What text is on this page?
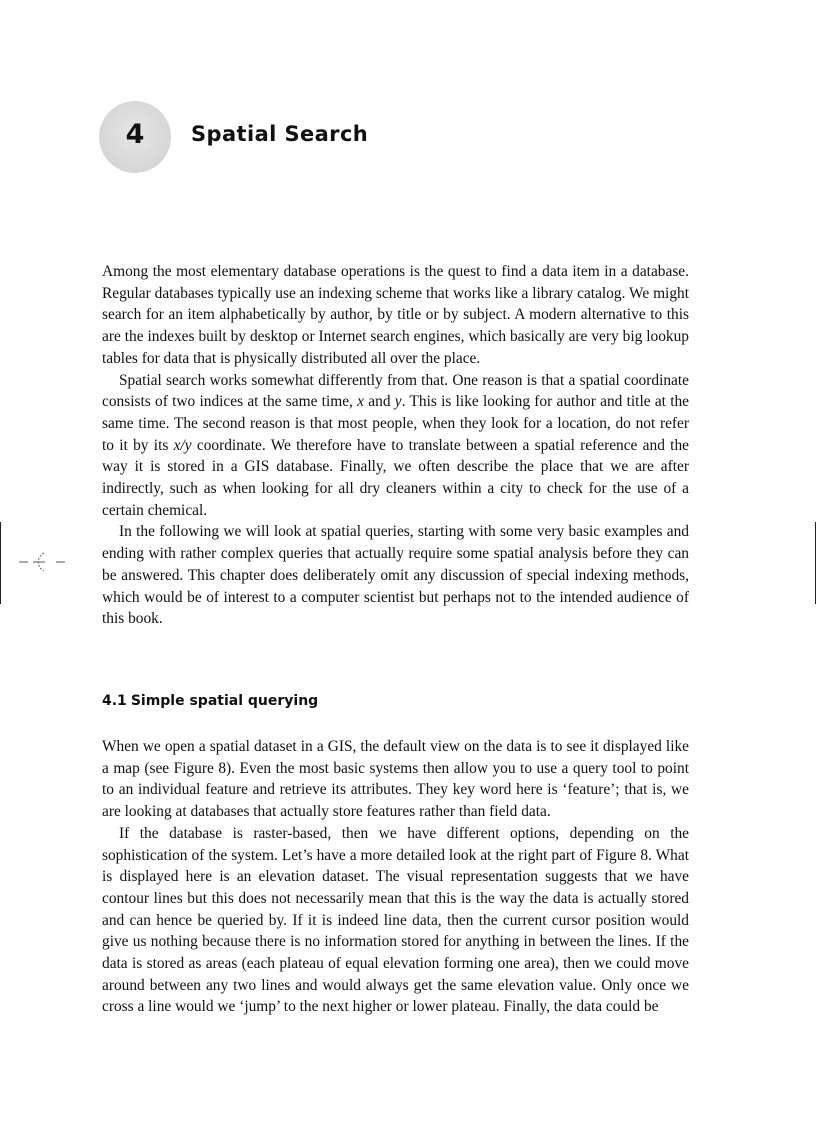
4	Spatial Search

Among the most elementary database operations is the quest to find a data item in a database. Regular databases typically use an indexing scheme that works like a library catalog. We might search for an item alphabetically by author, by title or by subject. A modern alternative to this are the indexes built by desktop or Internet search engines, which basically are very big lookup tables for data that is physically distributed all over the place.

Spatial search works somewhat differently from that. One reason is that a spatial coordinate consists of two indices at the same time, x and y. This is like looking for author and title at the same time. The second reason is that most people, when they look for a location, do not refer to it by its x/y coordinate. We therefore have to translate between a spatial reference and the way it is stored in a GIS database. Finally, we often describe the place that we are after indirectly, such as when looking for all dry cleaners within a city to check for the use of a certain chemical.

In the following we will look at spatial queries, starting with some very basic examples and ending with rather complex queries that actually require some spatial analysis before they can be answered. This chapter does deliberately omit any discussion of special indexing methods, which would be of interest to a computer scientist but perhaps not to the intended audience of this book.

4.1 Simple spatial querying

When we open a spatial dataset in a GIS, the default view on the data is to see it displayed like a map (see Figure 8). Even the most basic systems then allow you to use a query tool to point to an individual feature and retrieve its attributes. They key word here is ‘feature’; that is, we are looking at databases that actually store features rather than field data.

If the database is raster-based, then we have different options, depending on the sophistication of the system. Let’s have a more detailed look at the right part of Figure 8. What is displayed here is an elevation dataset. The visual representation suggests that we have contour lines but this does not necessarily mean that this is the way the data is actually stored and can hence be queried by. If it is indeed line data, then the current cursor position would give us nothing because there is no information stored for anything in between the lines. If the data is stored as areas (each plateau of equal elevation forming one area), then we could move around between any two lines and would always get the same elevation value. Only once we cross a line would we ‘jump’ to the next higher or lower plateau. Finally, the data could be
